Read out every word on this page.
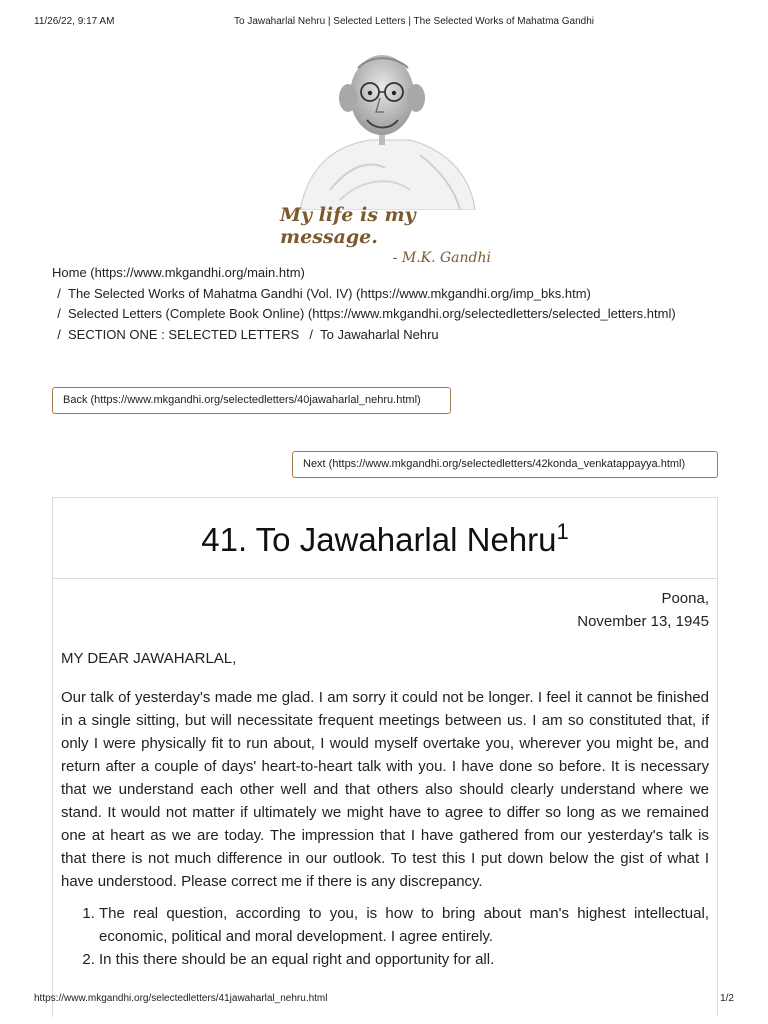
11/26/22, 9:17 AM	To Jawaharlal Nehru | Selected Letters | The Selected Works of Mahatma Gandhi
My life is my message.
- M.K. Gandhi
Home (https://www.mkgandhi.org/main.htm)
/ The Selected Works of Mahatma Gandhi (Vol. IV) (https://www.mkgandhi.org/imp_bks.htm)
/ Selected Letters (Complete Book Online) (https://www.mkgandhi.org/selectedletters/selected_letters.html)
/ SECTION ONE : SELECTED LETTERS / To Jawaharlal Nehru
Back (https://www.mkgandhi.org/selectedletters/40jawaharlal_nehru.html)
Next (https://www.mkgandhi.org/selectedletters/42konda_venkatappayya.html)
41. To Jawaharlal Nehru$^1$
Poona,
November 13, 1945
MY DEAR JAWAHARLAL,
Our talk of yesterday's made me glad. I am sorry it could not be longer. I feel it cannot be finished in a single sitting, but will necessitate frequent meetings between us. I am so constituted that, if only I were physically fit to run about, I would myself overtake you, wherever you might be, and return after a couple of days' heart-to-heart talk with you. I have done so before. It is necessary that we understand each other well and that others also should clearly understand where we stand. It would not matter if ultimately we might have to agree to differ so long as we remained one at heart as we are today. The impression that I have gathered from our yesterday's talk is that there is not much difference in our outlook. To test this I put down below the gist of what I have understood. Please correct me if there is any discrepancy.
1. The real question, according to you, is how to bring about man's highest intellectual, economic, political and moral development. I agree entirely.
2. In this there should be an equal right and opportunity for all.
https://www.mkgandhi.org/selectedletters/41jawaharlal_nehru.html	1/2
